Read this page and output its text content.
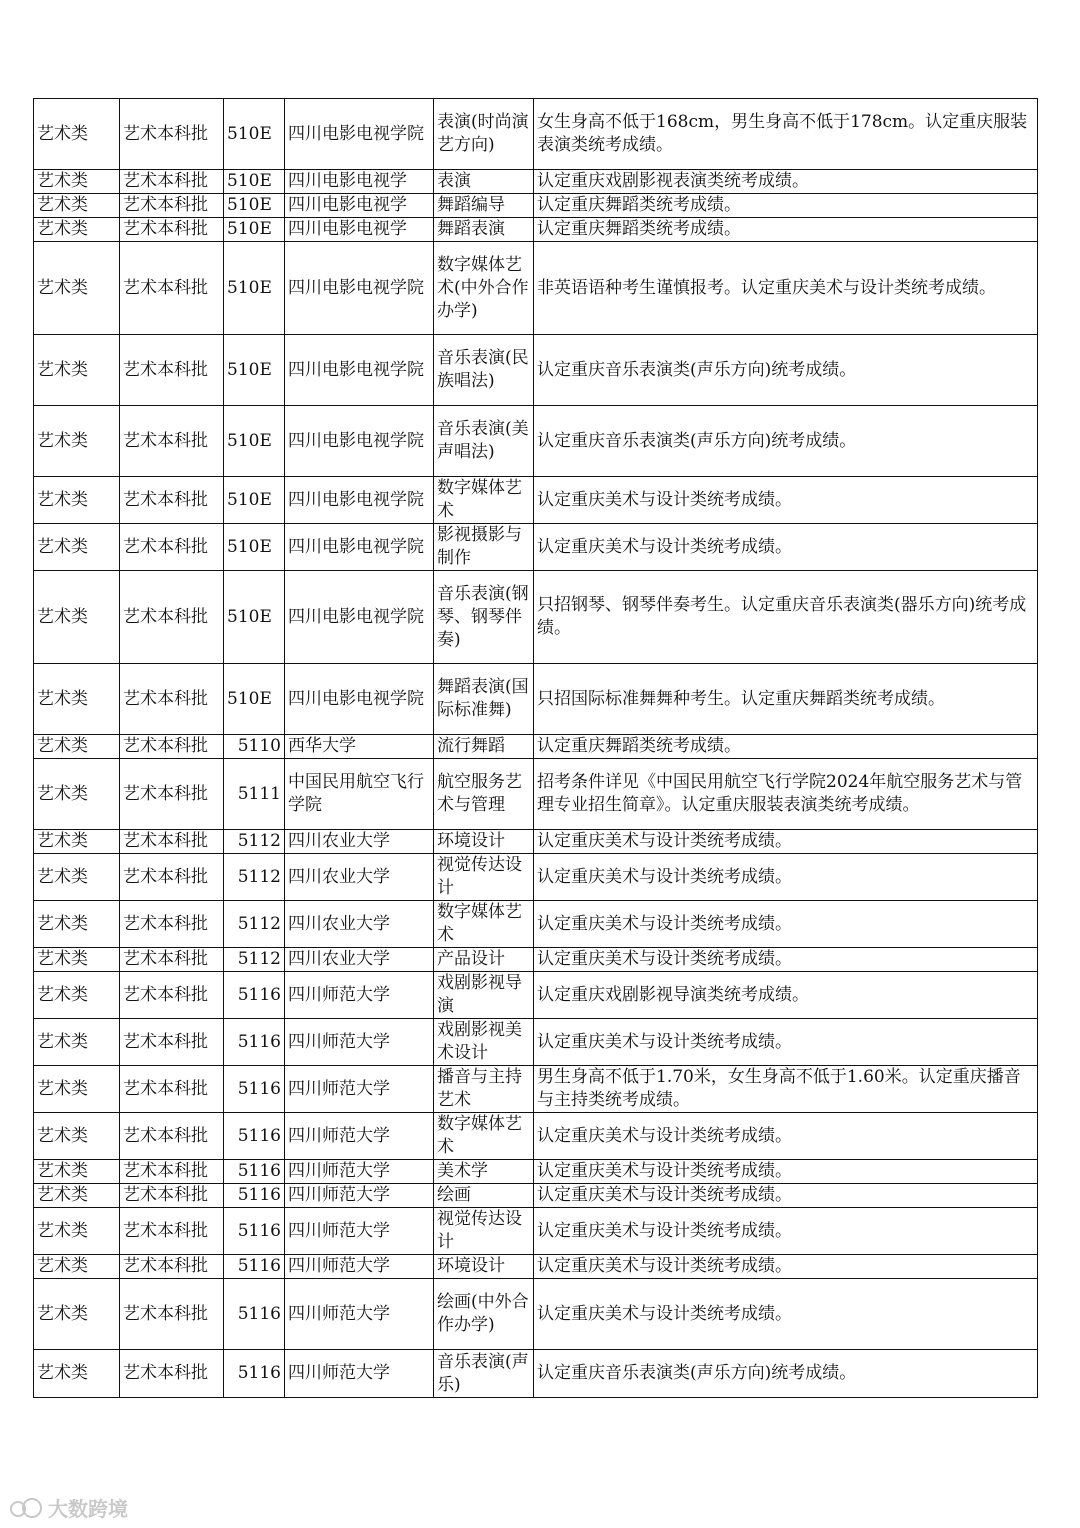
艺术类	艺术本科批	510E	四川电影电视学院	表演(时尚演艺方向)	女生身高不低于168cm，男生身高不低于178cm。认定重庆服装表演类统考成绩。
艺术类	艺术本科批	510E	四川电影电视学	表演	认定重庆戏剧影视表演类统考成绩。
艺术类	艺术本科批	510E	四川电影电视学	舞蹈编导	认定重庆舞蹈类统考成绩。
艺术类	艺术本科批	510E	四川电影电视学	舞蹈表演	认定重庆舞蹈类统考成绩。
艺术类	艺术本科批	510E	四川电影电视学院	数字媒体艺术(中外合作办学)	非英语语种考生谨慎报考。认定重庆美术与设计类统考成绩。
艺术类	艺术本科批	510E	四川电影电视学院	音乐表演(民族唱法)	认定重庆音乐表演类(声乐方向)统考成绩。
艺术类	艺术本科批	510E	四川电影电视学院	音乐表演(美声唱法)	认定重庆音乐表演类(声乐方向)统考成绩。
艺术类	艺术本科批	510E	四川电影电视学院	数字媒体艺术	认定重庆美术与设计类统考成绩。
艺术类	艺术本科批	510E	四川电影电视学院	影视摄影与制作	认定重庆美术与设计类统考成绩。
艺术类	艺术本科批	510E	四川电影电视学院	音乐表演(钢琴、钢琴伴奏)	只招钢琴、钢琴伴奏考生。认定重庆音乐表演类(器乐方向)统考成绩。
艺术类	艺术本科批	510E	四川电影电视学院	舞蹈表演(国际标准舞)	只招国际标准舞舞种考生。认定重庆舞蹈类统考成绩。
艺术类	艺术本科批	5110	西华大学	流行舞蹈	认定重庆舞蹈类统考成绩。
艺术类	艺术本科批	5111	中国民用航空飞行学院	航空服务艺术与管理	招考条件详见《中国民用航空飞行学院2024年航空服务艺术与管理专业招生简章》。认定重庆服装表演类统考成绩。
艺术类	艺术本科批	5112	四川农业大学	环境设计	认定重庆美术与设计类统考成绩。
艺术类	艺术本科批	5112	四川农业大学	视觉传达设计	认定重庆美术与设计类统考成绩。
艺术类	艺术本科批	5112	四川农业大学	数字媒体艺术	认定重庆美术与设计类统考成绩。
艺术类	艺术本科批	5112	四川农业大学	产品设计	认定重庆美术与设计类统考成绩。
艺术类	艺术本科批	5116	四川师范大学	戏剧影视导演	认定重庆戏剧影视导演类统考成绩。
艺术类	艺术本科批	5116	四川师范大学	戏剧影视美术设计	认定重庆美术与设计类统考成绩。
艺术类	艺术本科批	5116	四川师范大学	播音与主持艺术	男生身高不低于1.70米，女生身高不低于1.60米。认定重庆播音与主持类统考成绩。
艺术类	艺术本科批	5116	四川师范大学	数字媒体艺术	认定重庆美术与设计类统考成绩。
艺术类	艺术本科批	5116	四川师范大学	美术学	认定重庆美术与设计类统考成绩。
艺术类	艺术本科批	5116	四川师范大学	绘画	认定重庆美术与设计类统考成绩。
艺术类	艺术本科批	5116	四川师范大学	视觉传达设计	认定重庆美术与设计类统考成绩。
艺术类	艺术本科批	5116	四川师范大学	环境设计	认定重庆美术与设计类统考成绩。
艺术类	艺术本科批	5116	四川师范大学	绘画(中外合作办学)	认定重庆美术与设计类统考成绩。
艺术类	艺术本科批	5116	四川师范大学	音乐表演(声乐)	认定重庆音乐表演类(声乐方向)统考成绩。
大数跨境
